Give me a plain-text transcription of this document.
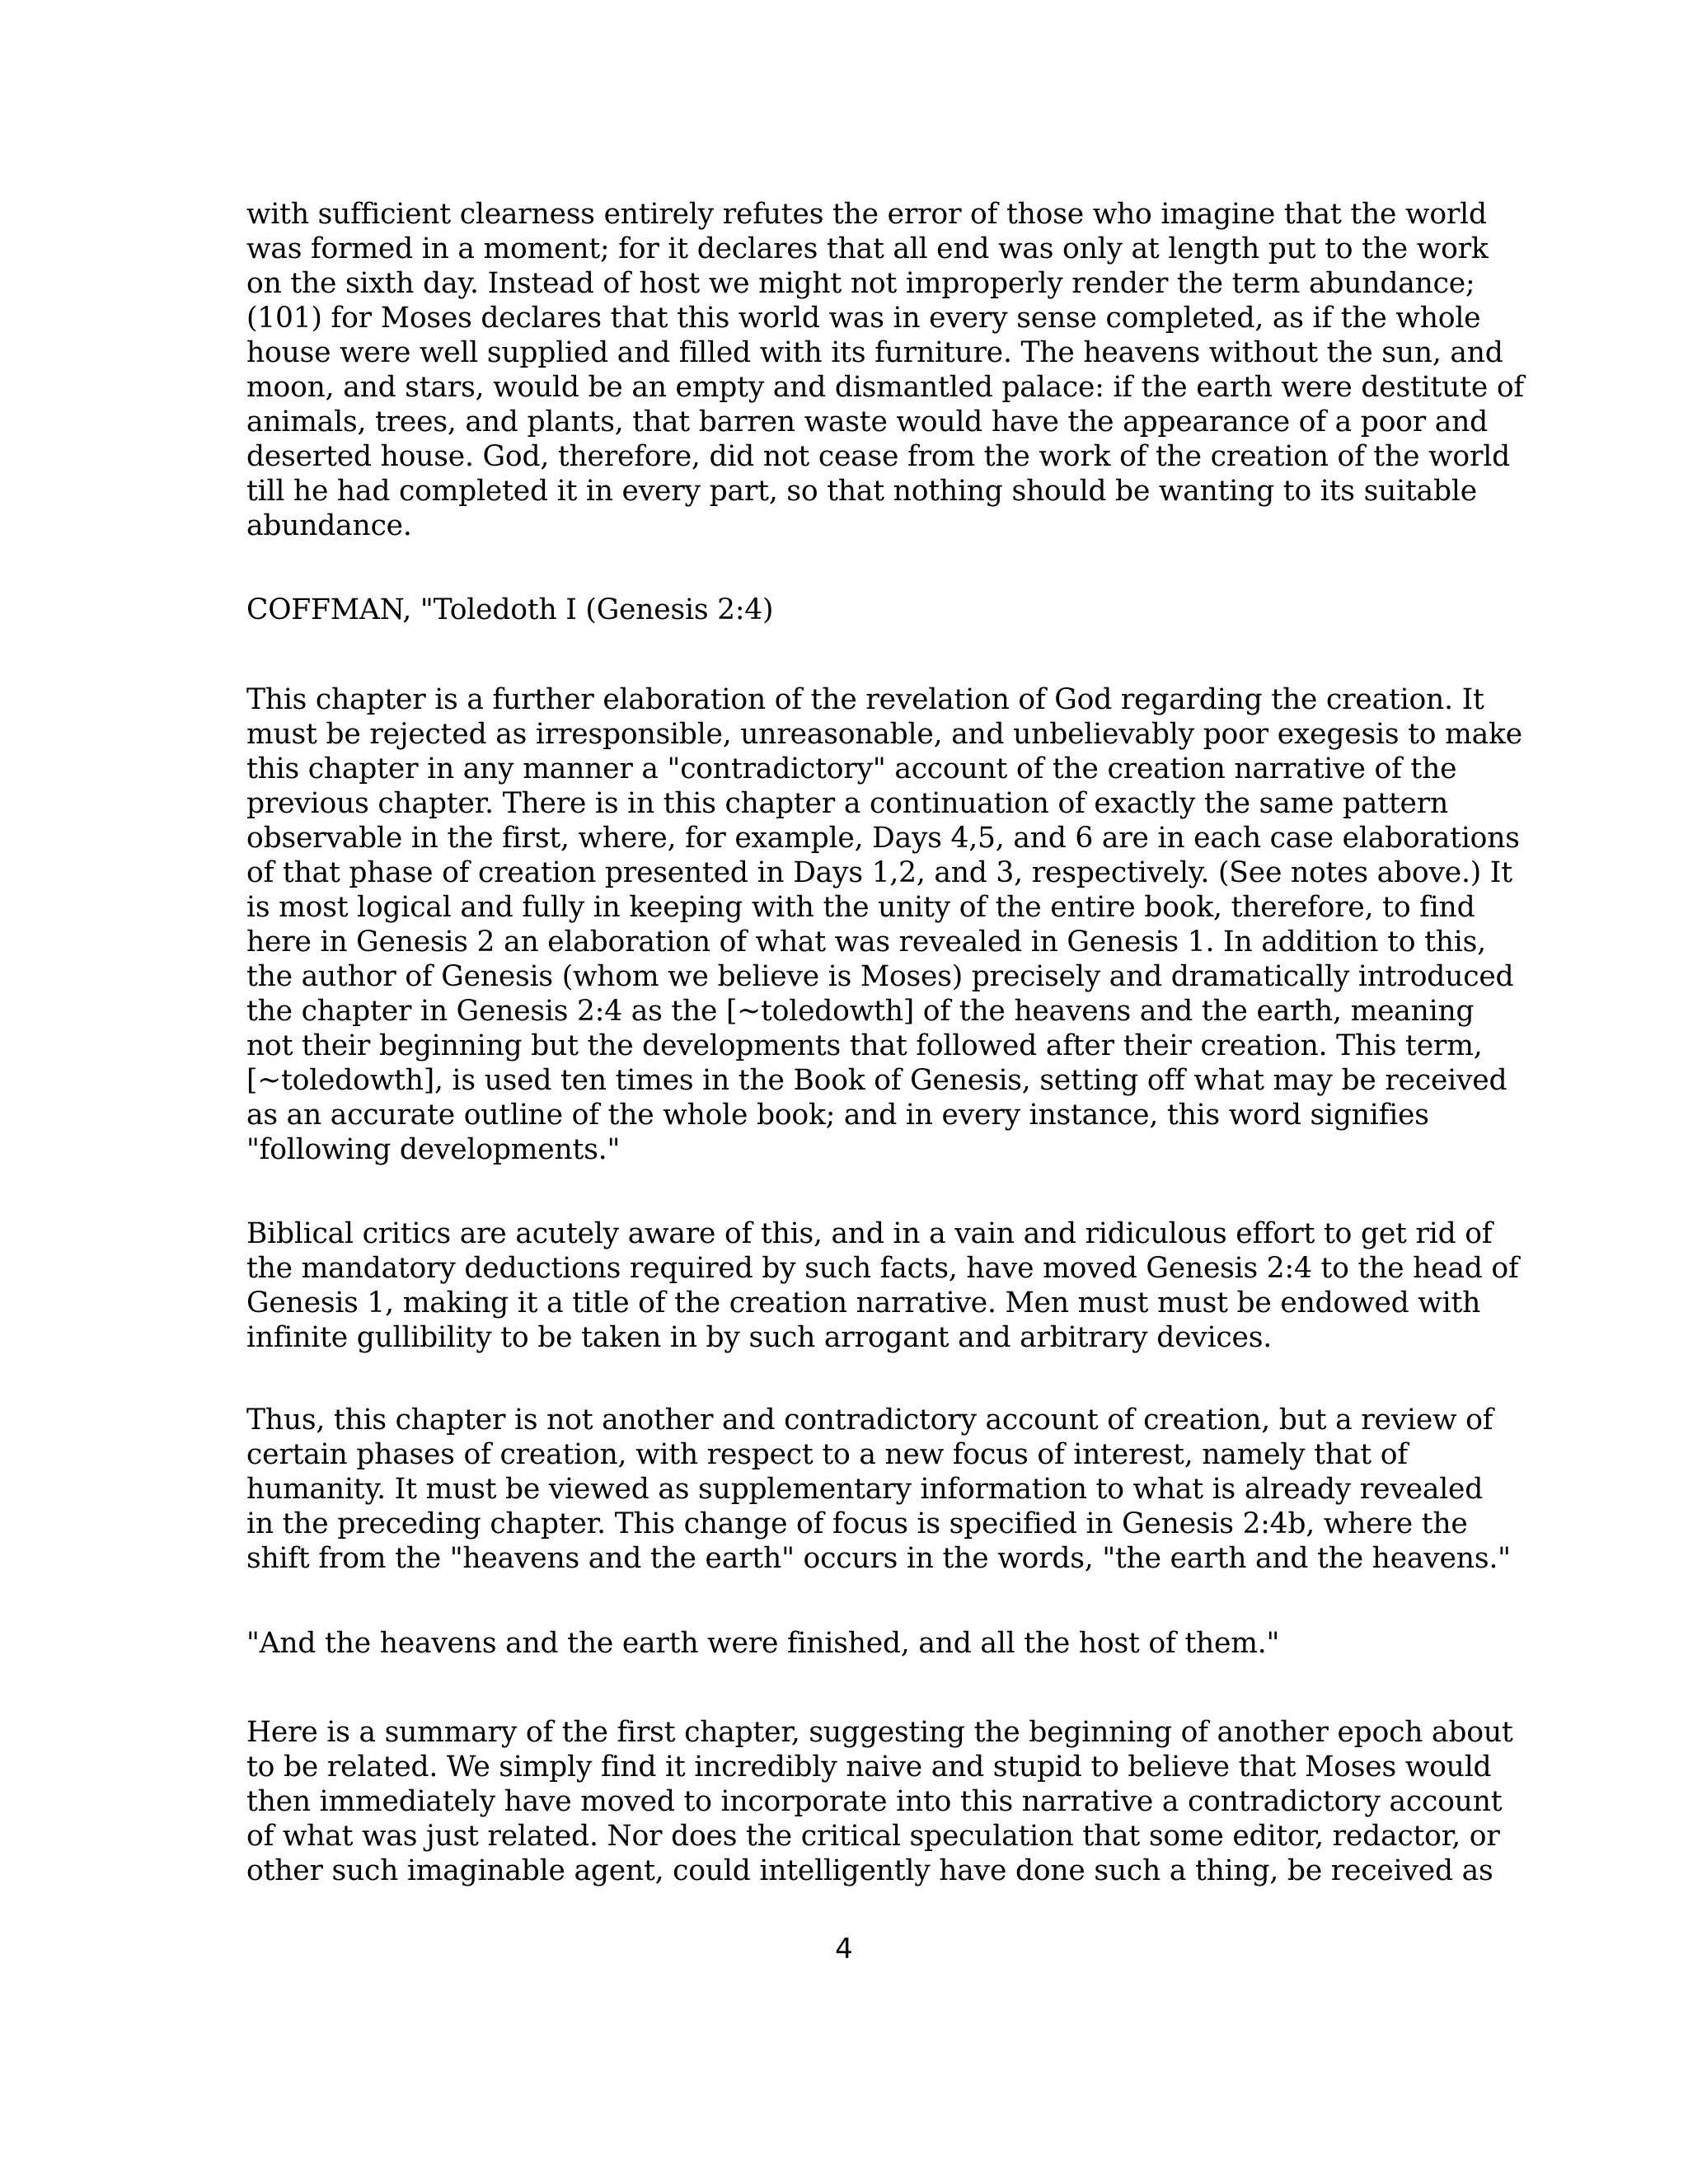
with sufficient clearness entirely refutes the error of those who imagine that the world
was formed in a moment; for it declares that all end was only at length put to the work
on the sixth day. Instead of host we might not improperly render the term abundance;
(101) for Moses declares that this world was in every sense completed, as if the whole
house were well supplied and filled with its furniture. The heavens without the sun, and
moon, and stars, would be an empty and dismantled palace: if the earth were destitute of
animals, trees, and plants, that barren waste would have the appearance of a poor and
deserted house. God, therefore, did not cease from the work of the creation of the world
till he had completed it in every part, so that nothing should be wanting to its suitable
abundance.
COFFMAN, "Toledoth I (Genesis 2:4)
This chapter is a further elaboration of the revelation of God regarding the creation. It
must be rejected as irresponsible, unreasonable, and unbelievably poor exegesis to make
this chapter in any manner a "contradictory" account of the creation narrative of the
previous chapter. There is in this chapter a continuation of exactly the same pattern
observable in the first, where, for example, Days 4,5, and 6 are in each case elaborations
of that phase of creation presented in Days 1,2, and 3, respectively. (See notes above.) It
is most logical and fully in keeping with the unity of the entire book, therefore, to find
here in Genesis 2 an elaboration of what was revealed in Genesis 1. In addition to this,
the author of Genesis (whom we believe is Moses) precisely and dramatically introduced
the chapter in Genesis 2:4 as the [~toledowth] of the heavens and the earth, meaning
not their beginning but the developments that followed after their creation. This term,
[~toledowth], is used ten times in the Book of Genesis, setting off what may be received
as an accurate outline of the whole book; and in every instance, this word signifies
"following developments."
Biblical critics are acutely aware of this, and in a vain and ridiculous effort to get rid of
the mandatory deductions required by such facts, have moved Genesis 2:4 to the head of
Genesis 1, making it a title of the creation narrative. Men must must be endowed with
infinite gullibility to be taken in by such arrogant and arbitrary devices.
Thus, this chapter is not another and contradictory account of creation, but a review of
certain phases of creation, with respect to a new focus of interest, namely that of
humanity. It must be viewed as supplementary information to what is already revealed
in the preceding chapter. This change of focus is specified in Genesis 2:4b, where the
shift from the "heavens and the earth" occurs in the words, "the earth and the heavens."
"And the heavens and the earth were finished, and all the host of them."
Here is a summary of the first chapter, suggesting the beginning of another epoch about
to be related. We simply find it incredibly naive and stupid to believe that Moses would
then immediately have moved to incorporate into this narrative a contradictory account
of what was just related. Nor does the critical speculation that some editor, redactor, or
other such imaginable agent, could intelligently have done such a thing, be received as
4
